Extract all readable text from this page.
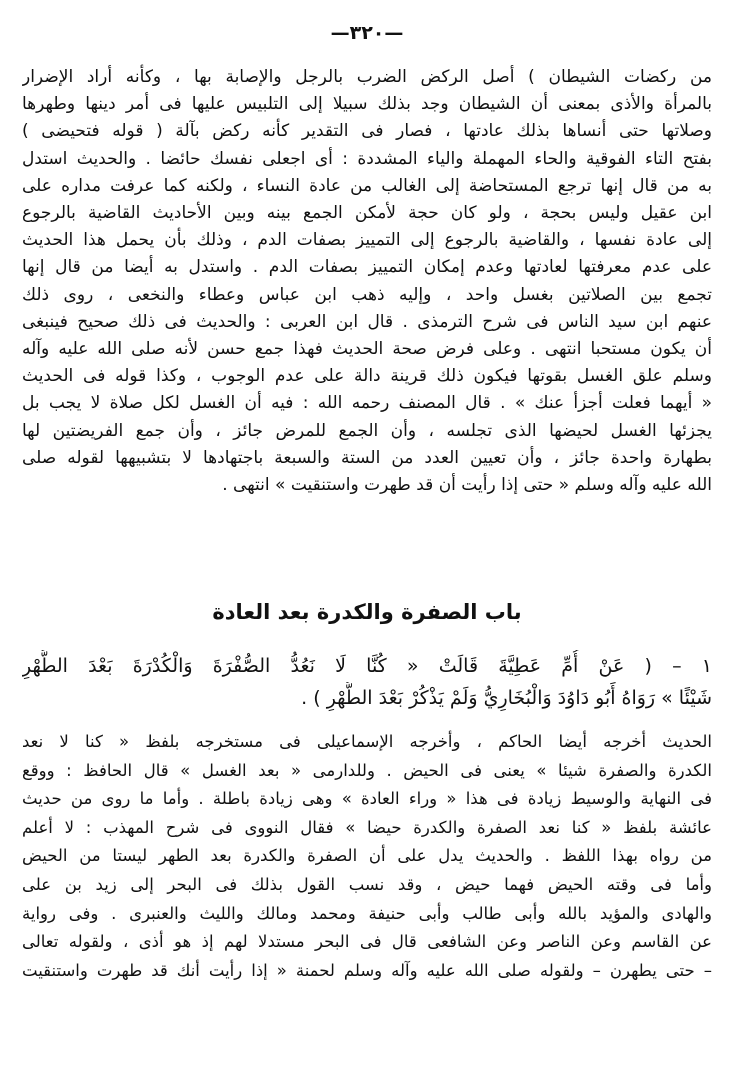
—٣٢٠—
من ركضات الشيطان ) أصل الركض الضرب بالرجل والإصابة بها ، وكأنه أراد الإضرار
بالمرأة والأذى بمعنى أن الشيطان وجد بذلك سبيلا إلى التلبيس عليها فى أمر دينها وطهرها
وصلاتها حتى أنساها بذلك عادتها ، فصار فى التقدير كأنه ركض بآلة ( قوله فتحيضى )
بفتح التاء الفوقية والحاء المهملة والياء المشددة : أى اجعلى نفسك حائضا . والحديث استدل
به من قال إنها ترجع المستحاضة إلى الغالب من عادة النساء ، ولكنه كما عرفت مداره على
ابن عقيل وليس بحجة ، ولو كان حجة لأمكن الجمع بينه وبين الأحاديث القاضية بالرجوع
إلى عادة نفسها ، والقاضية بالرجوع إلى التمييز بصفات الدم ، وذلك بأن يحمل هذا الحديث
على عدم معرفتها لعادتها وعدم إمكان التمييز بصفات الدم . واستدل به أيضا من قال إنها
تجمع بين الصلاتين بغسل واحد ، وإليه ذهب ابن عباس وعطاء والنخعى ، روى ذلك
عنهم ابن سيد الناس فى شرح الترمذى . قال ابن العربى : والحديث فى ذلك صحيح فينبغى
أن يكون مستحبا انتهى . وعلى فرض صحة الحديث فهذا جمع حسن لأنه صلى الله عليه وآله
وسلم علق الغسل بقوتها فيكون ذلك قرينة دالة على عدم الوجوب ، وكذا قوله فى الحديث
« أيهما فعلت أجزأ عنك » . قال المصنف رحمه الله : فيه أن الغسل لكل صلاة لا يجب بل
يجزئها الغسل لحيضها الذى تجلسه ، وأن الجمع للمرض جائز ، وأن جمع الفريضتين لها
بطهارة واحدة جائز ، وأن تعيين العدد من الستة والسبعة باجتهادها لا بتشبيهها لقوله صلى
الله عليه وآله وسلم « حتى إذا رأيت أن قد طهرت واستنقيت » انتهى .
باب الصفرة والكدرة بعد العادة
١ – ( عَنْ أُمِّ عَطِيَّةَ قَالَتْ « كُنَّا لَا نَعُدُّ الصُّفْرَةَ وَالْكُدْرَةَ بَعْدَ الطُّهْرِ
شَيْئًا » رَوَاهُ أَبُو دَاوُدَ وَالْبُخَارِيُّ وَلَمْ يَذْكُرْ بَعْدَ الطُّهْرِ ) .
الحديث أخرجه أيضا الحاكم ، وأخرجه الإسماعيلى فى مستخرجه بلفظ « كنا لا نعد
الكدرة والصفرة شيئا » يعنى فى الحيض . وللدارمى « بعد الغسل » قال الحافظ : ووقع
فى النهاية والوسيط زيادة فى هذا « وراء العادة » وهى زيادة باطلة . وأما ما روى من حديث
عائشة بلفظ « كنا نعد الصفرة والكدرة حيضا » فقال النووى فى شرح المهذب : لا أعلم
من رواه بهذا اللفظ . والحديث يدل على أن الصفرة والكدرة بعد الطهر ليستا من الحيض
وأما فى وقته الحيض فهما حيض ، وقد نسب القول بذلك فى البحر إلى زيد بن على
والهادى والمؤيد بالله وأبى طالب وأبى حنيفة ومحمد ومالك والليث والعنبرى . وفى رواية
عن القاسم وعن الناصر وعن الشافعى قال فى البحر مستدلا لهم إذ هو أذى ، ولقوله تعالى
– حتى يطهرن – ولقوله صلى الله عليه وآله وسلم لحمنة « إذا رأيت أنك قد طهرت واستنقيت
